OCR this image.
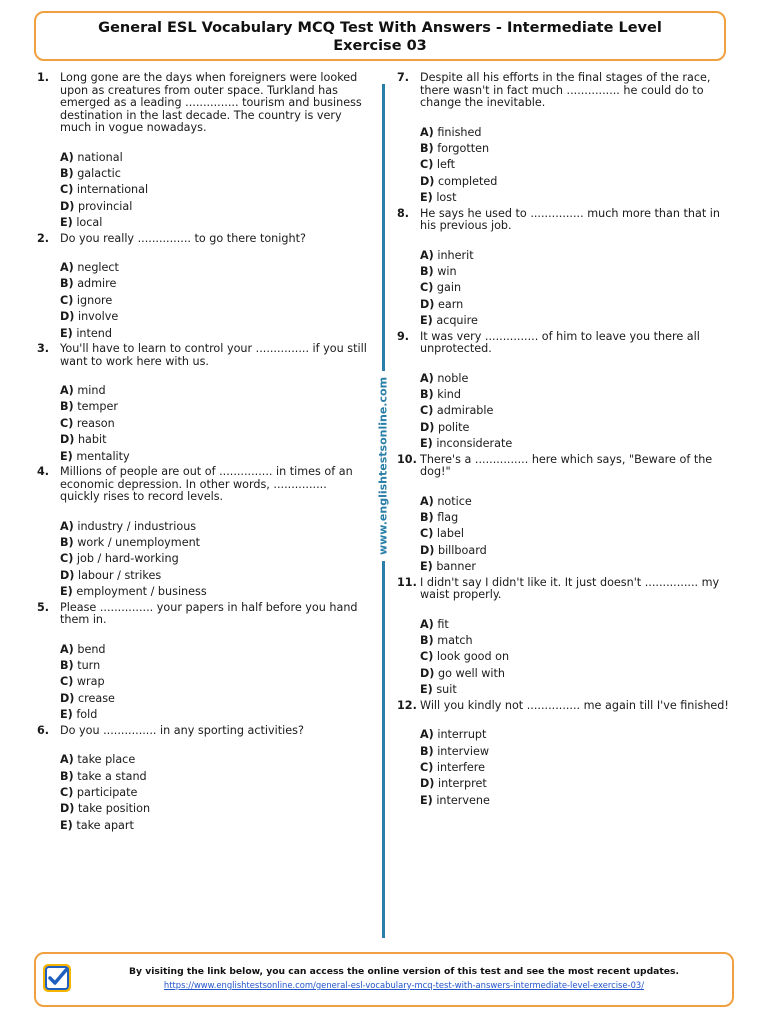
General ESL Vocabulary MCQ Test With Answers - Intermediate Level
Exercise 03
1. Long gone are the days when foreigners were looked upon as creatures from outer space. Turkland has emerged as a leading ............... tourism and business destination in the last decade. The country is very much in vogue nowadays.
A) national
B) galactic
C) international
D) provincial
E) local
2. Do you really ............... to go there tonight?
A) neglect
B) admire
C) ignore
D) involve
E) intend
3. You'll have to learn to control your ............... if you still want to work here with us.
A) mind
B) temper
C) reason
D) habit
E) mentality
4. Millions of people are out of ............... in times of an economic depression. In other words, ............... quickly rises to record levels.
A) industry / industrious
B) work / unemployment
C) job / hard-working
D) labour / strikes
E) employment / business
5. Please ............... your papers in half before you hand them in.
A) bend
B) turn
C) wrap
D) crease
E) fold
6. Do you ............... in any sporting activities?
A) take place
B) take a stand
C) participate
D) take position
E) take apart
www.englishtestsonline.com
7. Despite all his efforts in the final stages of the race, there wasn't in fact much ............... he could do to change the inevitable.
A) finished
B) forgotten
C) left
D) completed
E) lost
8. He says he used to ............... much more than that in his previous job.
A) inherit
B) win
C) gain
D) earn
E) acquire
9. It was very ............... of him to leave you there all unprotected.
A) noble
B) kind
C) admirable
D) polite
E) inconsiderate
10. There's a ............... here which says, "Beware of the dog!"
A) notice
B) flag
C) label
D) billboard
E) banner
11. I didn't say I didn't like it. It just doesn't ............... my waist properly.
A) fit
B) match
C) look good on
D) go well with
E) suit
12. Will you kindly not ............... me again till I've finished!
A) interrupt
B) interview
C) interfere
D) interpret
E) intervene
By visiting the link below, you can access the online version of this test and see the most recent updates.
https://www.englishtestsonline.com/general-esl-vocabulary-mcq-test-with-answers-intermediate-level-exercise-03/
